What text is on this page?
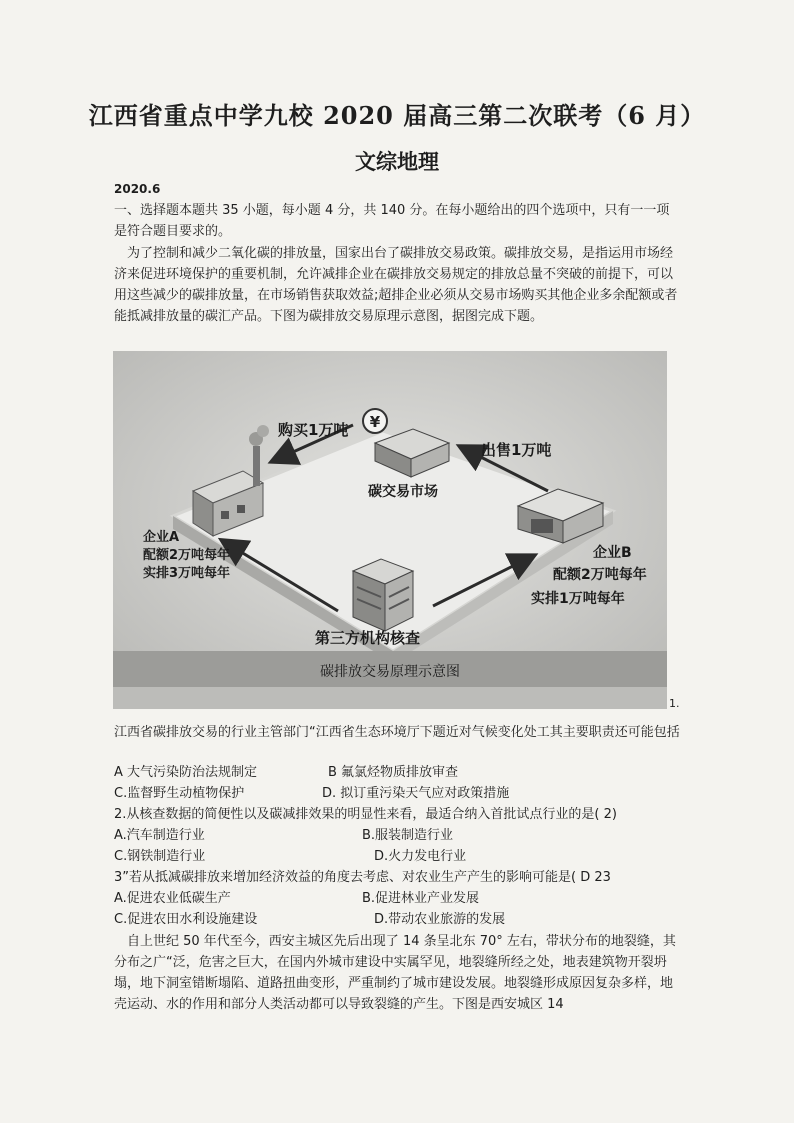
江西省重点中学九校 2020 届高三第二次联考（6 月）
文综地理
2020.6

一、选择题本题共 35 小题，每小题 4 分，共 140 分。在每小题给出的四个选项中，只有一一项是符合题目要求的。

为了控制和减少二氧化碳的排放量，国家出台了碳排放交易政策。碳排放交易，是指运用市场经济来促进环境保护的重要机制，允许减排企业在碳排放交易规定的排放总量不突破的前提下，可以用这些减少的碳排放量，在市场销售获取效益;超排企业必须从交易市场购买其他企业多余配额或者能抵减排放量的碳汇产品。下图为碳排放交易原理示意图，据图完成下题。

¥
购买1万吨
出售1万吨
碳交易市场
企业A
配额2万吨每年
实排3万吨每年
企业B
配额2万吨每年
实排1万吨每年
第三方机构核查
碳排放交易原理示意图
1.

江西省碳排放交易的行业主管部门“江西省生态环境厅下题近对气候变化处工其主要职责还可能包括

A 大气污染防治法规制定	B 氟氯烃物质排放审查
C.监督野生动植物保护	D. 拟订重污染天气应对政策措施
2.从核查数据的简便性以及碳减排效果的明显性来看，最适合纳入首批试点行业的是( 2)
A.汽车制造行业	B.服装制造行业
C.钢铁制造行业	D.火力发电行业
3”若从抵减碳排放来增加经济效益的角度去考虑、对农业生产产生的影响可能是( D 23
A.促进农业低碳生产	B.促进林业产业发展
C.促进农田水利设施建设	D.带动农业旅游的发展

自上世纪 50 年代至今，西安主城区先后出现了 14 条呈北东 70° 左右，带状分布的地裂缝，其分布之广“泛，危害之巨大，在国内外城市建设中实属罕见，地裂缝所经之处，地表建筑物开裂坍塌，地下洞室错断塌陷、道路扭曲变形，严重制约了城市建设发展。地裂缝形成原因复杂多样，地壳运动、水的作用和部分人类活动都可以导致裂缝的产生。下图是西安城区 14
